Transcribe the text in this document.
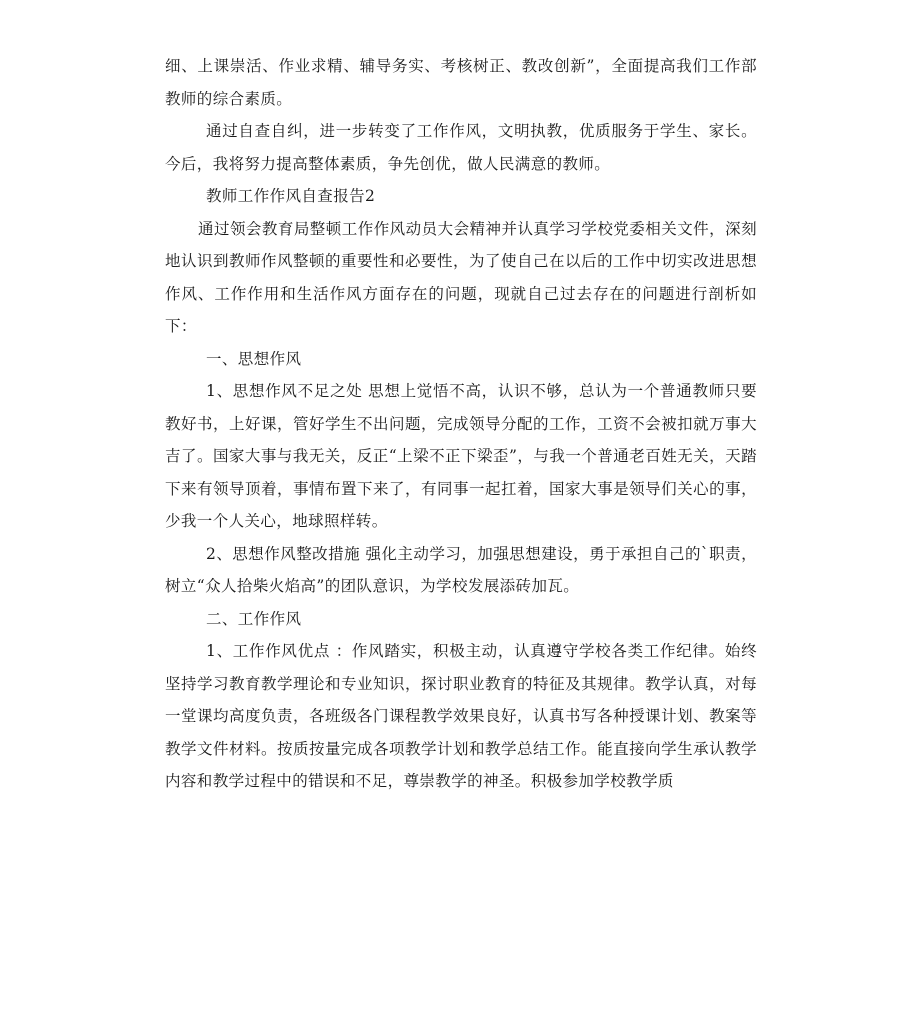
细、上课崇活、作业求精、辅导务实、考核树正、教改创新”，全面提高我们工作部教师的综合素质。

通过自查自纠，进一步转变了工作作风，文明执教，优质服务于学生、家长。今后，我将努力提高整体素质，争先创优，做人民满意的教师。

教师工作作风自查报告2

通过领会教育局整顿工作作风动员大会精神并认真学习学校党委相关文件，深刻地认识到教师作风整顿的重要性和必要性，为了使自己在以后的工作中切实改进思想作风、工作作用和生活作风方面存在的问题，现就自己过去存在的问题进行剖析如下：

一、思想作风

1、思想作风不足之处 思想上觉悟不高，认识不够，总认为一个普通教师只要教好书，上好课，管好学生不出问题，完成领导分配的工作，工资不会被扣就万事大吉了。国家大事与我无关，反正“上梁不正下梁歪”，与我一个普通老百姓无关，天踏下来有领导顶着，事情布置下来了，有同事一起扛着，国家大事是领导们关心的事，少我一个人关心，地球照样转。

2、思想作风整改措施 强化主动学习，加强思想建设，勇于承担自己的`职责，树立“众人拾柴火焰高”的团队意识，为学校发展添砖加瓦。

二、工作作风

1、工作作风优点 ：作风踏实，积极主动，认真遵守学校各类工作纪律。始终坚持学习教育教学理论和专业知识，探讨职业教育的特征及其规律。教学认真，对每一堂课均高度负责，各班级各门课程教学效果良好，认真书写各种授课计划、教案等教学文件材料。按质按量完成各项教学计划和教学总结工作。能直接向学生承认教学内容和教学过程中的错误和不足，尊崇教学的神圣。积极参加学校教学质
